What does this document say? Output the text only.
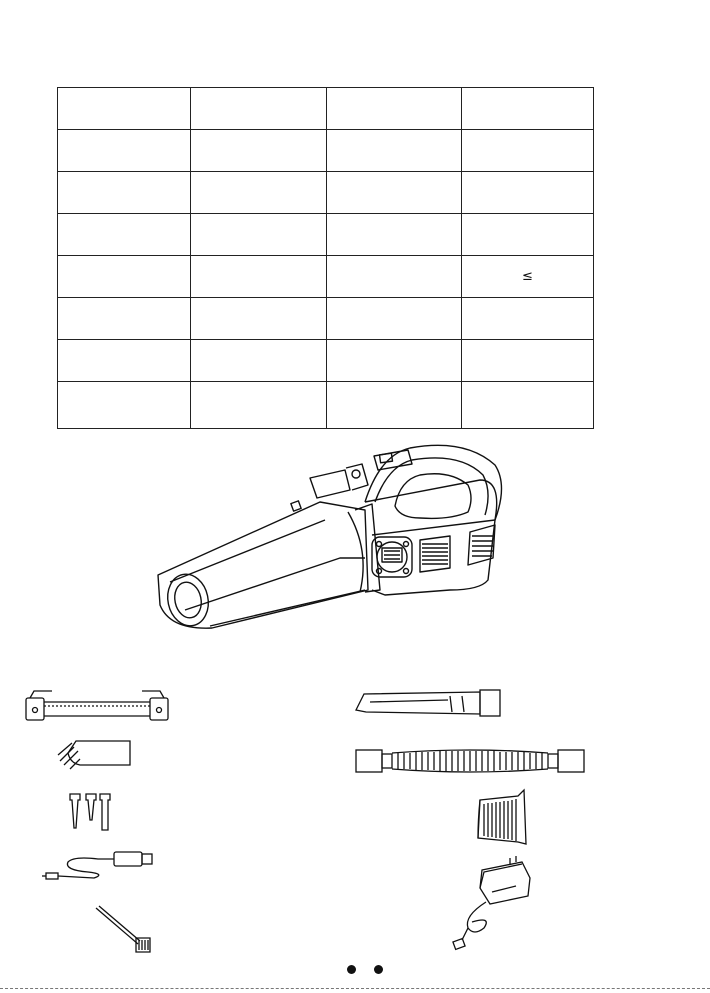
			≤
